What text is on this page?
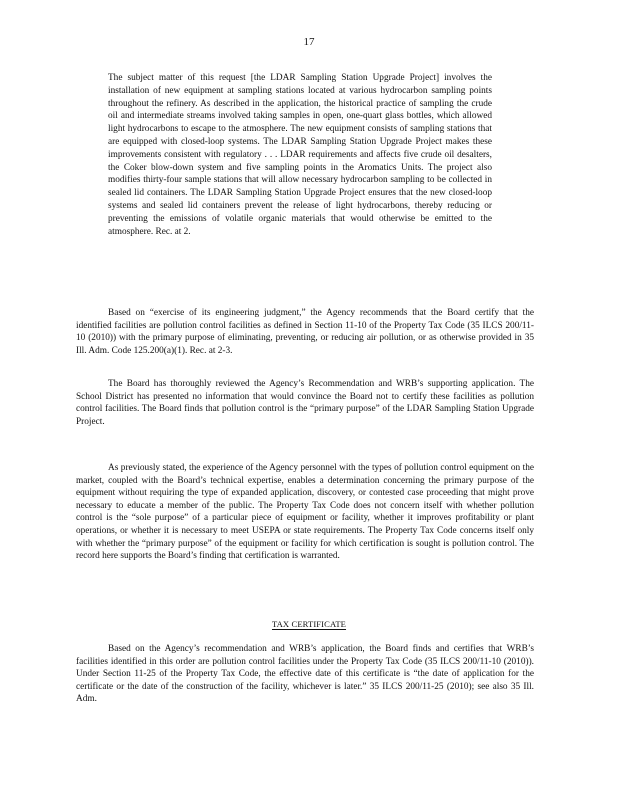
17

The subject matter of this request [the LDAR Sampling Station Upgrade Project] involves the installation of new equipment at sampling stations located at various hydrocarbon sampling points throughout the refinery. As described in the application, the historical practice of sampling the crude oil and intermediate streams involved taking samples in open, one-quart glass bottles, which allowed light hydrocarbons to escape to the atmosphere. The new equipment consists of sampling stations that are equipped with closed-loop systems. The LDAR Sampling Station Upgrade Project makes these improvements consistent with regulatory . . . LDAR requirements and affects five crude oil desalters, the Coker blow-down system and five sampling points in the Aromatics Units. The project also modifies thirty-four sample stations that will allow necessary hydrocarbon sampling to be collected in sealed lid containers. The LDAR Sampling Station Upgrade Project ensures that the new closed-loop systems and sealed lid containers prevent the release of light hydrocarbons, thereby reducing or preventing the emissions of volatile organic materials that would otherwise be emitted to the atmosphere. Rec. at 2.

Based on “exercise of its engineering judgment,” the Agency recommends that the Board certify that the identified facilities are pollution control facilities as defined in Section 11-10 of the Property Tax Code (35 ILCS 200/11-10 (2010)) with the primary purpose of eliminating, preventing, or reducing air pollution, or as otherwise provided in 35 Ill. Adm. Code 125.200(a)(1). Rec. at 2-3.

The Board has thoroughly reviewed the Agency’s Recommendation and WRB’s supporting application. The School District has presented no information that would convince the Board not to certify these facilities as pollution control facilities. The Board finds that pollution control is the “primary purpose” of the LDAR Sampling Station Upgrade Project.

As previously stated, the experience of the Agency personnel with the types of pollution control equipment on the market, coupled with the Board’s technical expertise, enables a determination concerning the primary purpose of the equipment without requiring the type of expanded application, discovery, or contested case proceeding that might prove necessary to educate a member of the public. The Property Tax Code does not concern itself with whether pollution control is the “sole purpose” of a particular piece of equipment or facility, whether it improves profitability or plant operations, or whether it is necessary to meet USEPA or state requirements. The Property Tax Code concerns itself only with whether the “primary purpose” of the equipment or facility for which certification is sought is pollution control. The record here supports the Board’s finding that certification is warranted.

TAX CERTIFICATE

Based on the Agency’s recommendation and WRB’s application, the Board finds and certifies that WRB’s facilities identified in this order are pollution control facilities under the Property Tax Code (35 ILCS 200/11-10 (2010)). Under Section 11-25 of the Property Tax Code, the effective date of this certificate is “the date of application for the certificate or the date of the construction of the facility, whichever is later.” 35 ILCS 200/11-25 (2010); see also 35 Ill. Adm.
